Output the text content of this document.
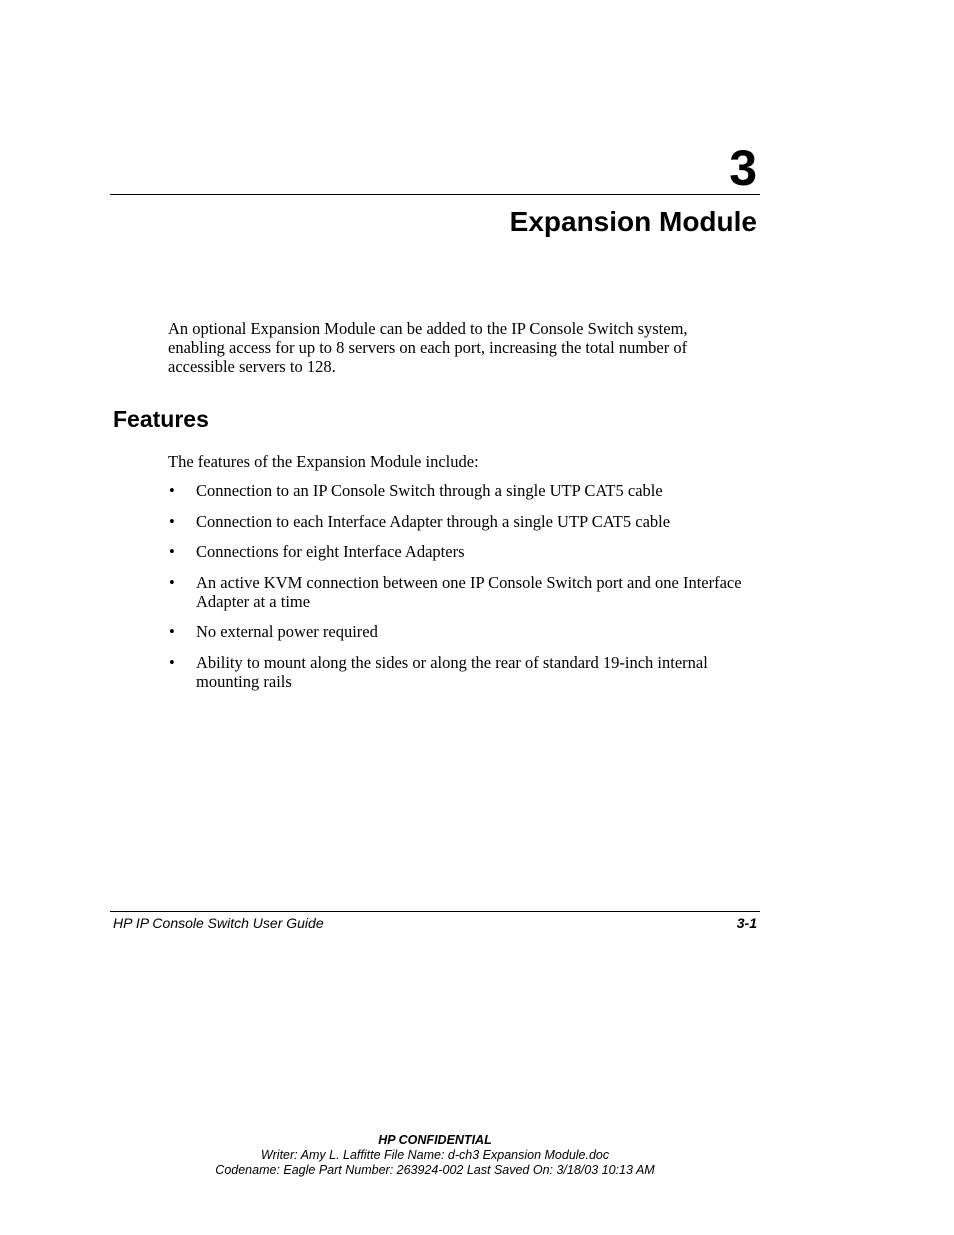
3
Expansion Module

An optional Expansion Module can be added to the IP Console Switch system, enabling access for up to 8 servers on each port, increasing the total number of accessible servers to 128.

Features

The features of the Expansion Module include:

• Connection to an IP Console Switch through a single UTP CAT5 cable
• Connection to each Interface Adapter through a single UTP CAT5 cable
• Connections for eight Interface Adapters
• An active KVM connection between one IP Console Switch port and one Interface Adapter at a time
• No external power required
• Ability to mount along the sides or along the rear of standard 19-inch internal mounting rails
HP IP Console Switch User Guide	3-1
HP CONFIDENTIAL
Writer: Amy L. Laffitte File Name: d-ch3 Expansion Module.doc
Codename: Eagle Part Number: 263924-002 Last Saved On: 3/18/03 10:13 AM
